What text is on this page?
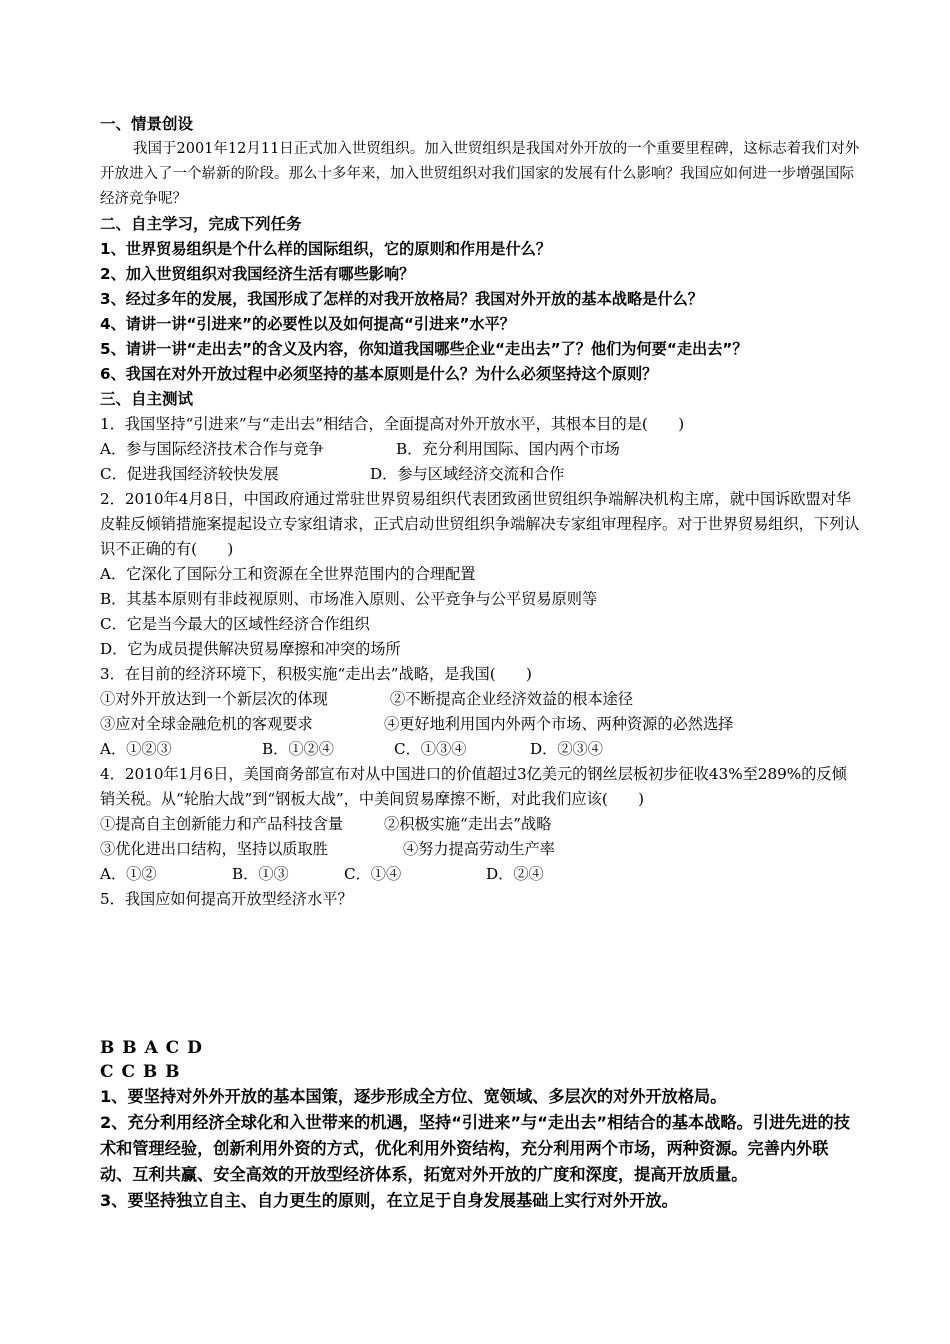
一、情景创设

我国于2001年12月11日正式加入世贸组织。加入世贸组织是我国对外开放的一个重要里程碑，这标志着我们对外开放进入了一个崭新的阶段。那么十多年来，加入世贸组织对我们国家的发展有什么影响？我国应如何进一步增强国际经济竞争呢？

二、自主学习，完成下列任务
1、世界贸易组织是个什么样的国际组织，它的原则和作用是什么？
2、加入世贸组织对我国经济生活有哪些影响？
3、经过多年的发展，我国形成了怎样的对我开放格局？我国对外开放的基本战略是什么？
4、请讲一讲“引进来”的必要性以及如何提高“引进来”水平？
5、请讲一讲“走出去”的含义及内容，你知道我国哪些企业“走出去”了？他们为何要“走出去”？
6、我国在对外开放过程中必须坚持的基本原则是什么？为什么必须坚持这个原则？
三、自主测试
1．我国坚持“引进来”与“走出去”相结合，全面提高对外开放水平，其根本目的是(　　)
A．参与国际经济技术合作与竞争	B．充分利用国际、国内两个市场
C．促进我国经济较快发展	D．参与区域经济交流和合作

2．2010年4月8日，中国政府通过常驻世界贸易组织代表团致函世贸组织争端解决机构主席，就中国诉欧盟对华皮鞋反倾销措施案提起设立专家组请求，正式启动世贸组织争端解决专家组审理程序。对于世界贸易组织，下列认识不正确的有(　　)

A．它深化了国际分工和资源在全世界范围内的合理配置
B．其基本原则有非歧视原则、市场准入原则、公平竞争与公平贸易原则等
C．它是当今最大的区域性经济合作组织
D．它为成员提供解决贸易摩擦和冲突的场所
3．在目前的经济环境下，积极实施“走出去”战略，是我国(　　)
①对外开放达到一个新层次的体现	②不断提高企业经济效益的根本途径
③应对全球金融危机的客观要求	④更好地利用国内外两个市场、两种资源的必然选择
A．①②③	B．①②④	C．①③④	D．②③④

4．2010年1月6日，美国商务部宣布对从中国进口的价值超过3亿美元的钢丝层板初步征收43%至289%的反倾销关税。从“轮胎大战”到“钢板大战”，中美间贸易摩擦不断，对此我们应该(　　)

①提高自主创新能力和产品科技含量	②积极实施“走出去”战略
③优化进出口结构，坚持以质取胜	④努力提高劳动生产率
A．①②	B．①③	C．①④	D．②④
5．我国应如何提高开放型经济水平？
B B A C D
C C B B

1、要坚持对外外开放的基本国策，逐步形成全方位、宽领域、多层次的对外开放格局。

2、充分利用经济全球化和入世带来的机遇，坚持“引进来”与“走出去”相结合的基本战略。引进先进的技术和管理经验，创新利用外资的方式，优化利用外资结构，充分利用两个市场，两种资源。完善内外联动、互利共赢、安全高效的开放型经济体系，拓宽对外开放的广度和深度，提高开放质量。

3、要坚持独立自主、自力更生的原则，在立足于自身发展基础上实行对外开放。
